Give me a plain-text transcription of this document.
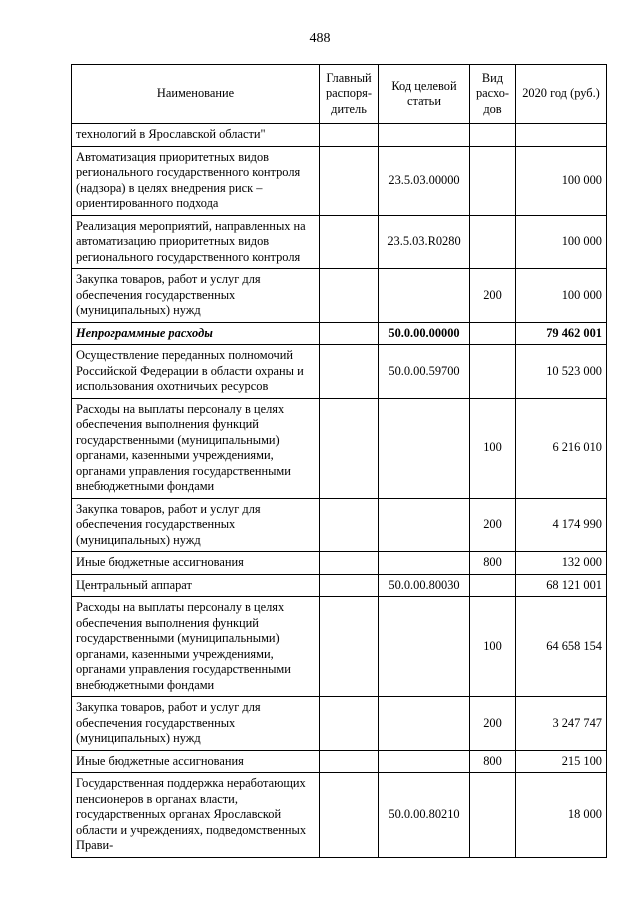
488
Наименование	Главный распоря-дитель	Код целевой статьи	Вид расхо-дов	2020 год (руб.)
технологий в Ярославской области"				
Автоматизация приоритетных видов регионального государственного контроля (надзора) в целях внедрения риск – ориентированного подхода		23.5.03.00000		100 000
Реализация мероприятий, направленных на автоматизацию приоритетных видов регионального государственного контроля		23.5.03.R0280		100 000
Закупка товаров, работ и услуг для обеспечения государственных (муниципальных) нужд			200	100 000
Непрограммные расходы		50.0.00.00000		79 462 001
Осуществление переданных полномочий Российской Федерации в области охраны и использования охотничьих ресурсов		50.0.00.59700		10 523 000
Расходы на выплаты персоналу в целях обеспечения выполнения функций государственными (муниципальными) органами, казенными учреждениями, органами управления государственными внебюджетными фондами			100	6 216 010
Закупка товаров, работ и услуг для обеспечения государственных (муниципальных) нужд			200	4 174 990
Иные бюджетные ассигнования			800	132 000
Центральный аппарат		50.0.00.80030		68 121 001
Расходы на выплаты персоналу в целях обеспечения выполнения функций государственными (муниципальными) органами, казенными учреждениями, органами управления государственными внебюджетными фондами			100	64 658 154
Закупка товаров, работ и услуг для обеспечения государственных (муниципальных) нужд			200	3 247 747
Иные бюджетные ассигнования			800	215 100
Государственная поддержка неработающих пенсионеров в органах власти, государственных органах Ярославской области и учреждениях, подведомственных Прави-		50.0.00.80210		18 000
